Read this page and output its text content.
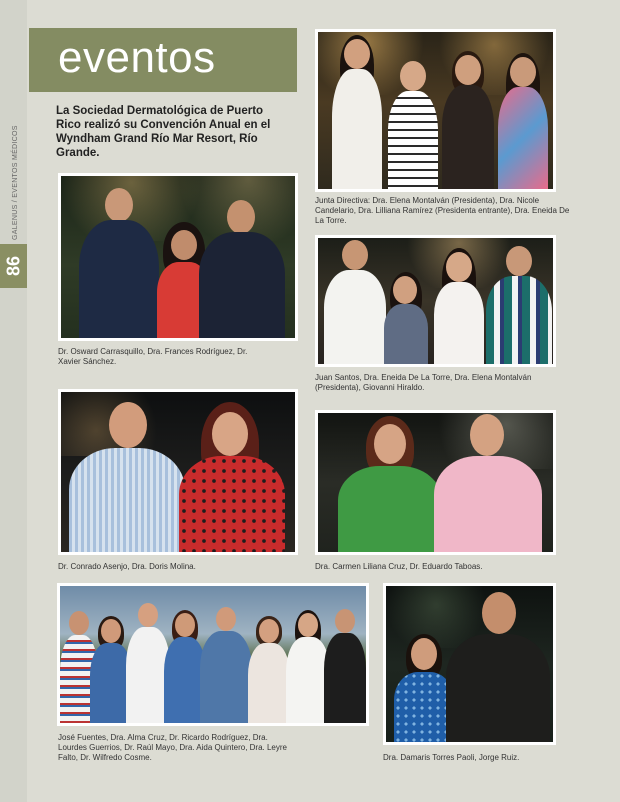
GALENUS / EVENTOS MÉDICOS
86
eventos
La Sociedad Dermatológica de Puerto Rico realizó su Convención Anual en el Wyndham Grand Río Mar Resort, Río Grande.
Dr. Osward Carrasquillo, Dra. Frances Rodríguez, Dr. Xavier Sánchez.
Junta Directiva: Dra. Elena Montalván (Presidenta), Dra. Nicole Candelario, Dra. Lilliana Ramírez (Presidenta entrante), Dra. Eneida De La Torre.
Juan Santos, Dra. Eneida De La Torre, Dra. Elena Montalván (Presidenta), Giovanni Hiraldo.
Dr. Conrado Asenjo, Dra. Doris Molina.	Dra. Carmen Liliana Cruz, Dr. Eduardo Taboas.
José Fuentes, Dra. Alma Cruz, Dr. Ricardo Rodríguez, Dra. Lourdes Guerrios, Dr. Raúl Mayo, Dra. Aida Quintero, Dra. Leyre Falto, Dr. Wilfredo Cosme.	Dra. Damaris Torres Paoli, Jorge Ruiz.
